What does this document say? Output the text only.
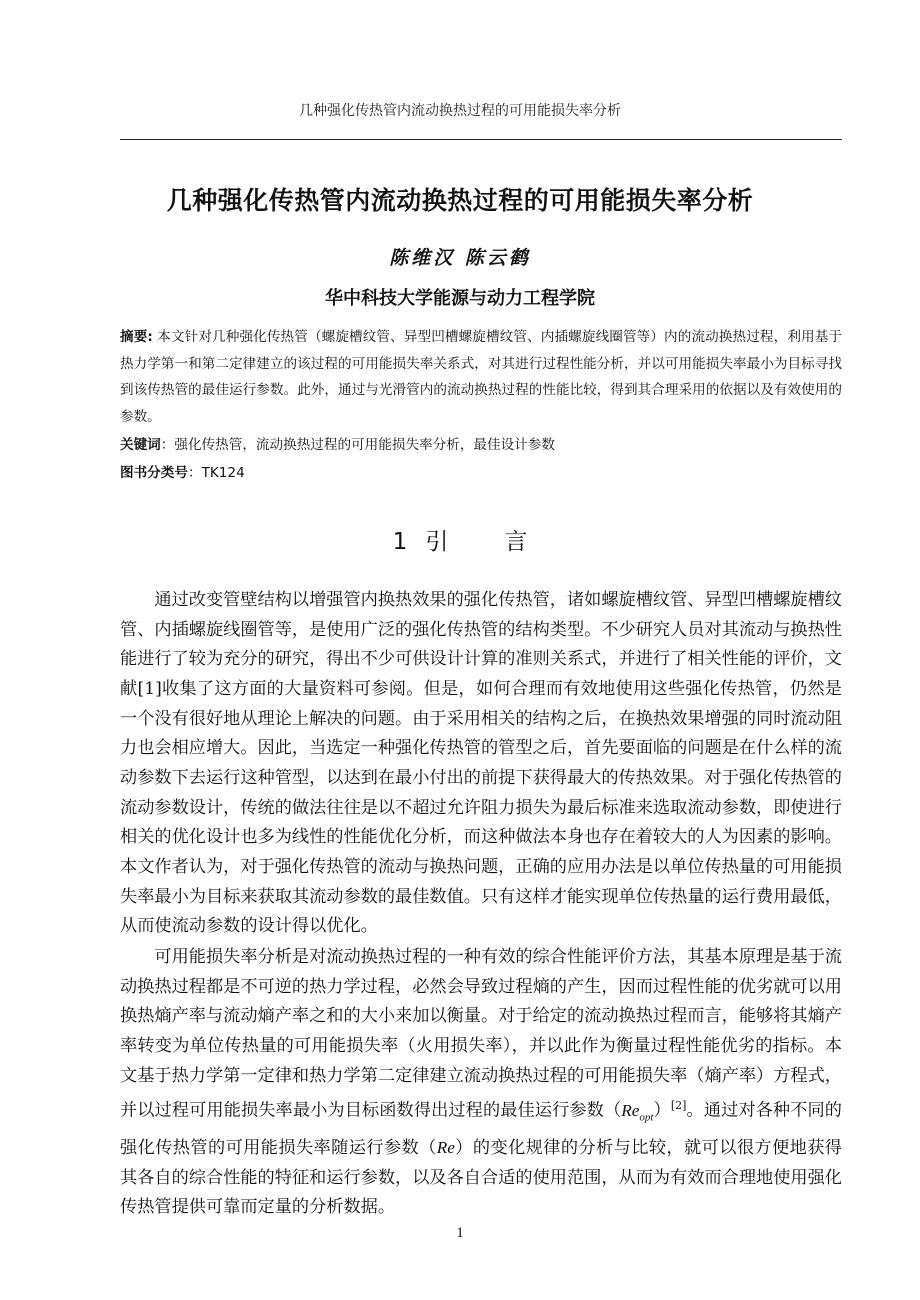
几种强化传热管内流动换热过程的可用能损失率分析
几种强化传热管内流动换热过程的可用能损失率分析
陈维汉 陈云鹤
华中科技大学能源与动力工程学院
摘要: 本文针对几种强化传热管（螺旋槽纹管、异型凹槽螺旋槽纹管、内插螺旋线圈管等）内的流动换热过程，利用基于热力学第一和第二定律建立的该过程的可用能损失率关系式，对其进行过程性能分析，并以可用能损失率最小为目标寻找到该传热管的最佳运行参数。此外，通过与光滑管内的流动换热过程的性能比较，得到其合理采用的依据以及有效使用的参数。
关键词：强化传热管，流动换热过程的可用能损失率分析，最佳设计参数
图书分类号：TK124
1 引 言

通过改变管壁结构以增强管内换热效果的强化传热管，诸如螺旋槽纹管、异型凹槽螺旋槽纹管、内插螺旋线圈管等，是使用广泛的强化传热管的结构类型。不少研究人员对其流动与换热性能进行了较为充分的研究，得出不少可供设计计算的准则关系式，并进行了相关性能的评价，文献[1]收集了这方面的大量资料可参阅。但是，如何合理而有效地使用这些强化传热管，仍然是一个没有很好地从理论上解决的问题。由于采用相关的结构之后，在换热效果增强的同时流动阻力也会相应增大。因此，当选定一种强化传热管的管型之后，首先要面临的问题是在什么样的流动参数下去运行这种管型，以达到在最小付出的前提下获得最大的传热效果。对于强化传热管的流动参数设计，传统的做法往往是以不超过允许阻力损失为最后标准来选取流动参数，即使进行相关的优化设计也多为线性的性能优化分析，而这种做法本身也存在着较大的人为因素的影响。本文作者认为，对于强化传热管的流动与换热问题，正确的应用办法是以单位传热量的可用能损失率最小为目标来获取其流动参数的最佳数值。只有这样才能实现单位传热量的运行费用最低，从而使流动参数的设计得以优化。

可用能损失率分析是对流动换热过程的一种有效的综合性能评价方法，其基本原理是基于流动换热过程都是不可逆的热力学过程，必然会导致过程熵的产生，因而过程性能的优劣就可以用换热熵产率与流动熵产率之和的大小来加以衡量。对于给定的流动换热过程而言，能够将其熵产率转变为单位传热量的可用能损失率（火用损失率），并以此作为衡量过程性能优劣的指标。本文基于热力学第一定律和热力学第二定律建立流动换热过程的可用能损失率（熵产率）方程式，并以过程可用能损失率最小为目标函数得出过程的最佳运行参数$(Re_{opt})[2]$。通过对各种不同的强化传热管的可用能损失率随运行参数（Re）的变化规律的分析与比较，就可以很方便地获得其各自的综合性能的特征和运行参数，以及各自合适的使用范围，从而为有效而合理地使用强化传热管提供可靠而定量的分析数据。

1
